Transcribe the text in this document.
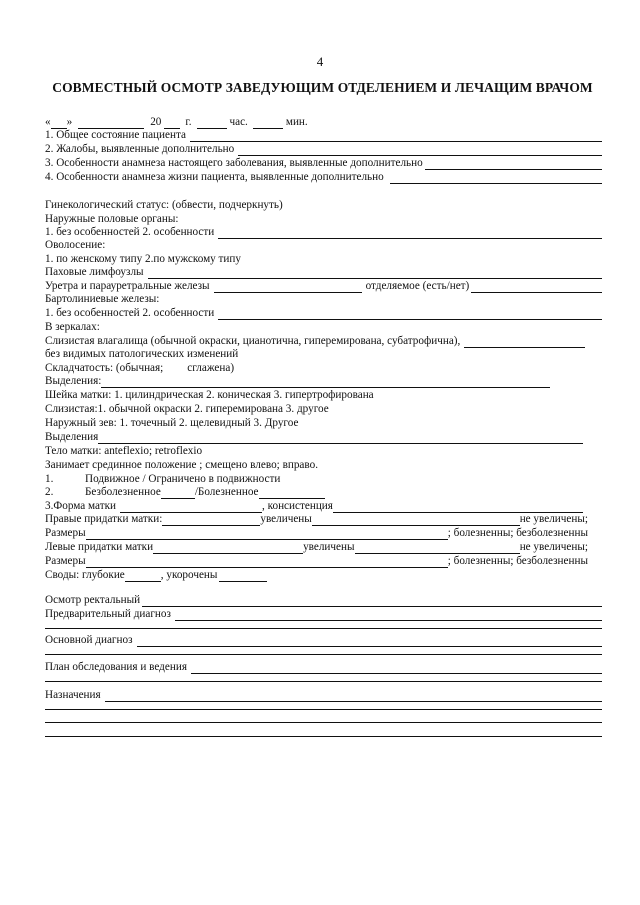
4
СОВМЕСТНЫЙ ОСМОТР ЗАВЕДУЮЩИМ ОТДЕЛЕНИЕМ И ЛЕЧАЩИМ ВРАЧОМ
« »	20 г.	час.	мин.
1. Общее состояние пациента
2. Жалобы, выявленные дополнительно
3. Особенности анамнеза настоящего заболевания, выявленные дополнительно
4. Особенности анамнеза жизни пациента, выявленные дополнительно
Гинекологический статус: (обвести, подчеркнуть)
Наружные половые органы:
1. без особенностей 2. особенности
Оволосение:
1. по женскому типу 2.по мужскому типу
Паховые лимфоузлы
Уретра и парауретральные железы	отделяемое (есть/нет)
Бартолиниевые железы:
1. без особенностей 2. особенности
В зеркалах:
Слизистая влагалища (обычной окраски, цианотична, гиперемирована, субатрофична),
без видимых патологических изменений
Складчатость: (обычная; сглажена)
Выделения:
Шейка матки: 1. цилиндрическая 2. коническая 3. гипертрофирована
Слизистая:1. обычной окраски 2. гиперемирована 3. другое
Наружный зев: 1. точечный 2. щелевидный 3. Другое
Выделения
Тело матки: anteflexio; retroflexio
Занимает срединное положение ; смещено влево; вправо.
1.	Подвижное / Ограничено в подвижности
2.	Безболезненное	/Болезненное
3.Форма матки	, консистенция
Правые придатки матки:	увеличены	не увеличены;
Размеры	; болезненны; безболезненны
Левые придатки матки	увеличены	не увеличены;
Размеры	; болезненны; безболезненны
Своды: глубокие	, укорочены
Осмотр ректальный
Предварительный диагноз
Основной диагноз
План обследования и ведения
Назначения
